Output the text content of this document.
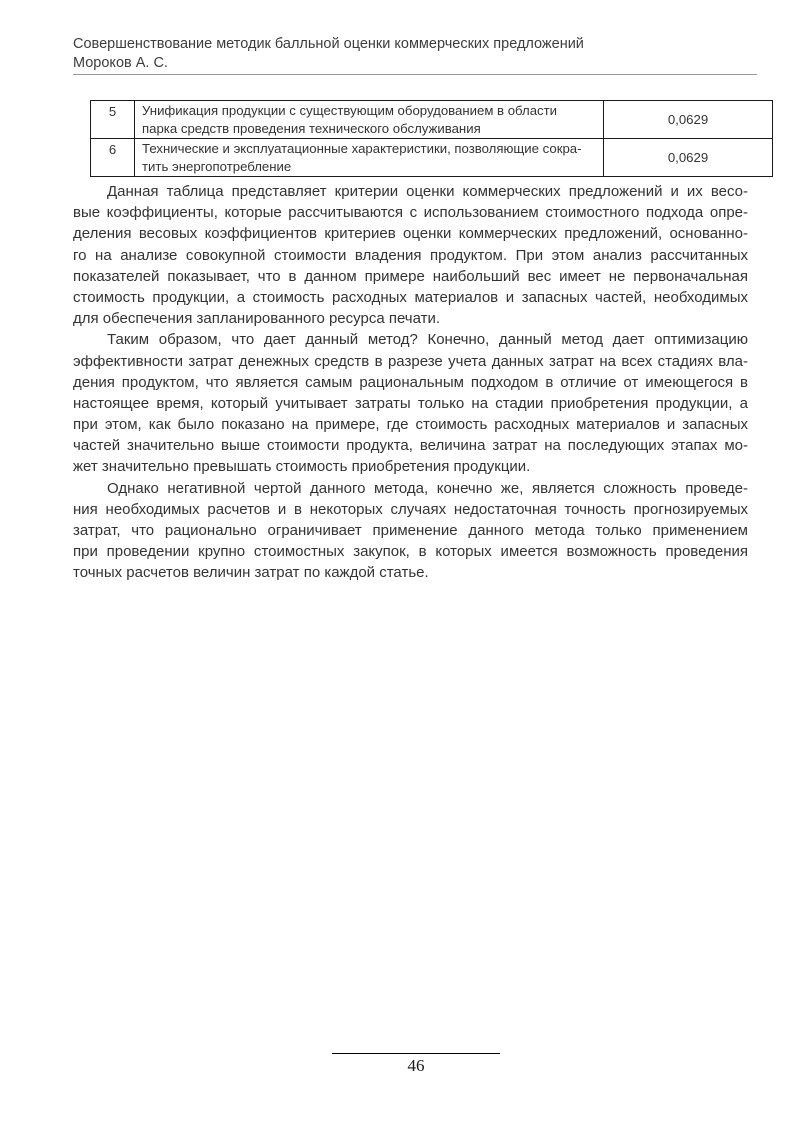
Совершенствование методик балльной оценки коммерческих предложений
Мороков А. С.
5	Унификация продукции с существующим оборудованием в области
парка средств проведения технического обслуживания	0,0629
6	Технические и эксплуатационные характеристики, позволяющие сокра-
тить энергопотребление	0,0629
Данная таблица представляет критерии оценки коммерческих предложений и их весо-
вые коэффициенты, которые рассчитываются с использованием стоимостного подхода опре-
деления весовых коэффициентов критериев оценки коммерческих предложений, основанно-
го на анализе совокупной стоимости владения продуктом. При этом анализ рассчитанных
показателей показывает, что в данном примере наибольший вес имеет не первоначальная
стоимость продукции, а стоимость расходных материалов и запасных частей, необходимых
для обеспечения запланированного ресурса печати.
Таким образом, что дает данный метод? Конечно, данный метод дает оптимизацию
эффективности затрат денежных средств в разрезе учета данных затрат на всех стадиях вла-
дения продуктом, что является самым рациональным подходом в отличие от имеющегося в
настоящее время, который учитывает затраты только на стадии приобретения продукции, а
при этом, как было показано на примере, где стоимость расходных материалов и запасных
частей значительно выше стоимости продукта, величина затрат на последующих этапах мо-
жет значительно превышать стоимость приобретения продукции.
Однако негативной чертой данного метода, конечно же, является сложность проведе-
ния необходимых расчетов и в некоторых случаях недостаточная точность прогнозируемых
затрат, что рационально ограничивает применение данного метода только применением
при проведении крупно стоимостных закупок, в которых имеется возможность проведения
точных расчетов величин затрат по каждой статье.
46
